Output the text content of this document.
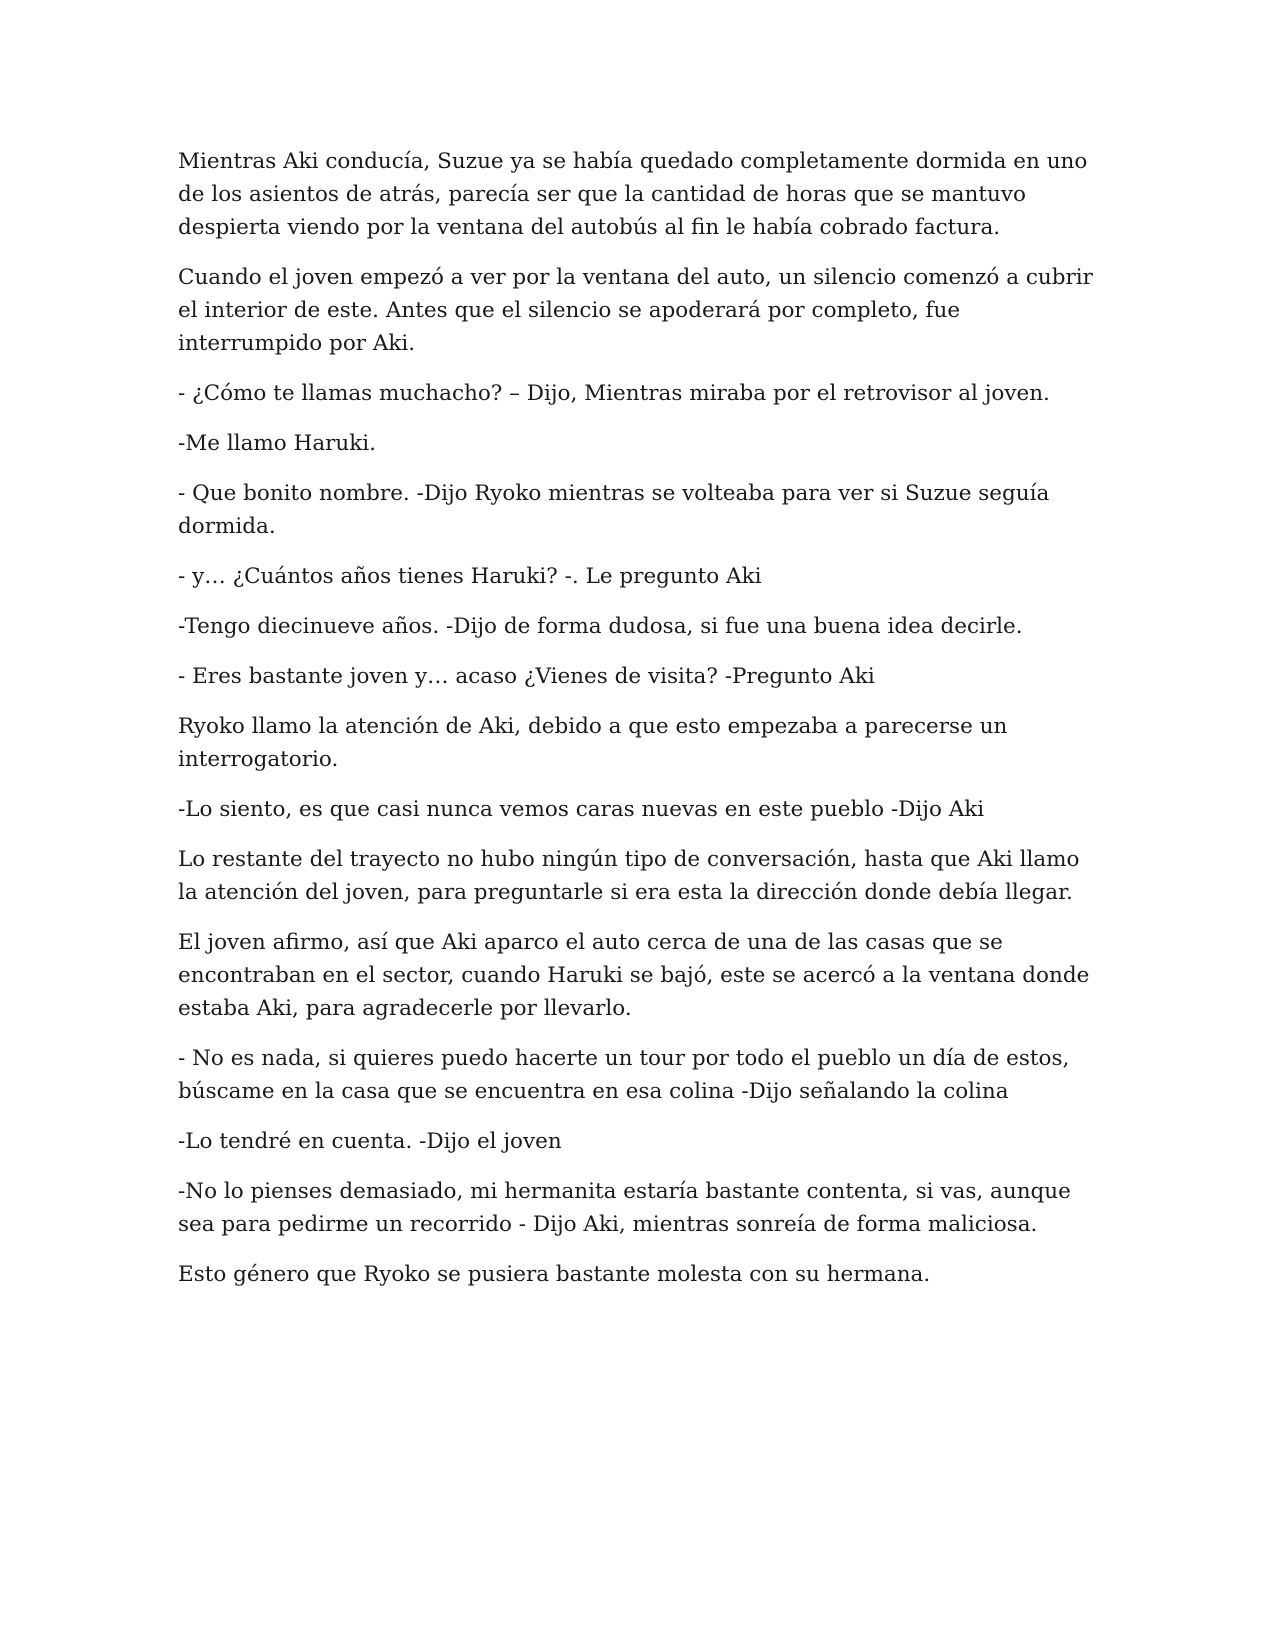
Mientras Aki conducía, Suzue ya se había quedado completamente dormida en uno de los asientos de atrás, parecía ser que la cantidad de horas que se mantuvo despierta viendo por la ventana del autobús al fin le había cobrado factura.

Cuando el joven empezó a ver por la ventana del auto, un silencio comenzó a cubrir el interior de este. Antes que el silencio se apoderará por completo, fue interrumpido por Aki.

- ¿Cómo te llamas muchacho? – Dijo, Mientras miraba por el retrovisor al joven.

-Me llamo Haruki.

- Que bonito nombre. -Dijo Ryoko mientras se volteaba para ver si Suzue seguía dormida.

- y… ¿Cuántos años tienes Haruki? -. Le pregunto Aki

-Tengo diecinueve años. -Dijo de forma dudosa, si fue una buena idea decirle.

- Eres bastante joven y… acaso ¿Vienes de visita? -Pregunto Aki

Ryoko llamo la atención de Aki, debido a que esto empezaba a parecerse un interrogatorio.

-Lo siento, es que casi nunca vemos caras nuevas en este pueblo -Dijo Aki

Lo restante del trayecto no hubo ningún tipo de conversación, hasta que Aki llamo la atención del joven, para preguntarle si era esta la dirección donde debía llegar.

El joven afirmo, así que Aki aparco el auto cerca de una de las casas que se encontraban en el sector, cuando Haruki se bajó, este se acercó a la ventana donde estaba Aki, para agradecerle por llevarlo.

- No es nada, si quieres puedo hacerte un tour por todo el pueblo un día de estos, búscame en la casa que se encuentra en esa colina -Dijo señalando la colina

-Lo tendré en cuenta. -Dijo el joven

-No lo pienses demasiado, mi hermanita estaría bastante contenta, si vas, aunque sea para pedirme un recorrido - Dijo Aki, mientras sonreía de forma maliciosa.

Esto género que Ryoko se pusiera bastante molesta con su hermana.
